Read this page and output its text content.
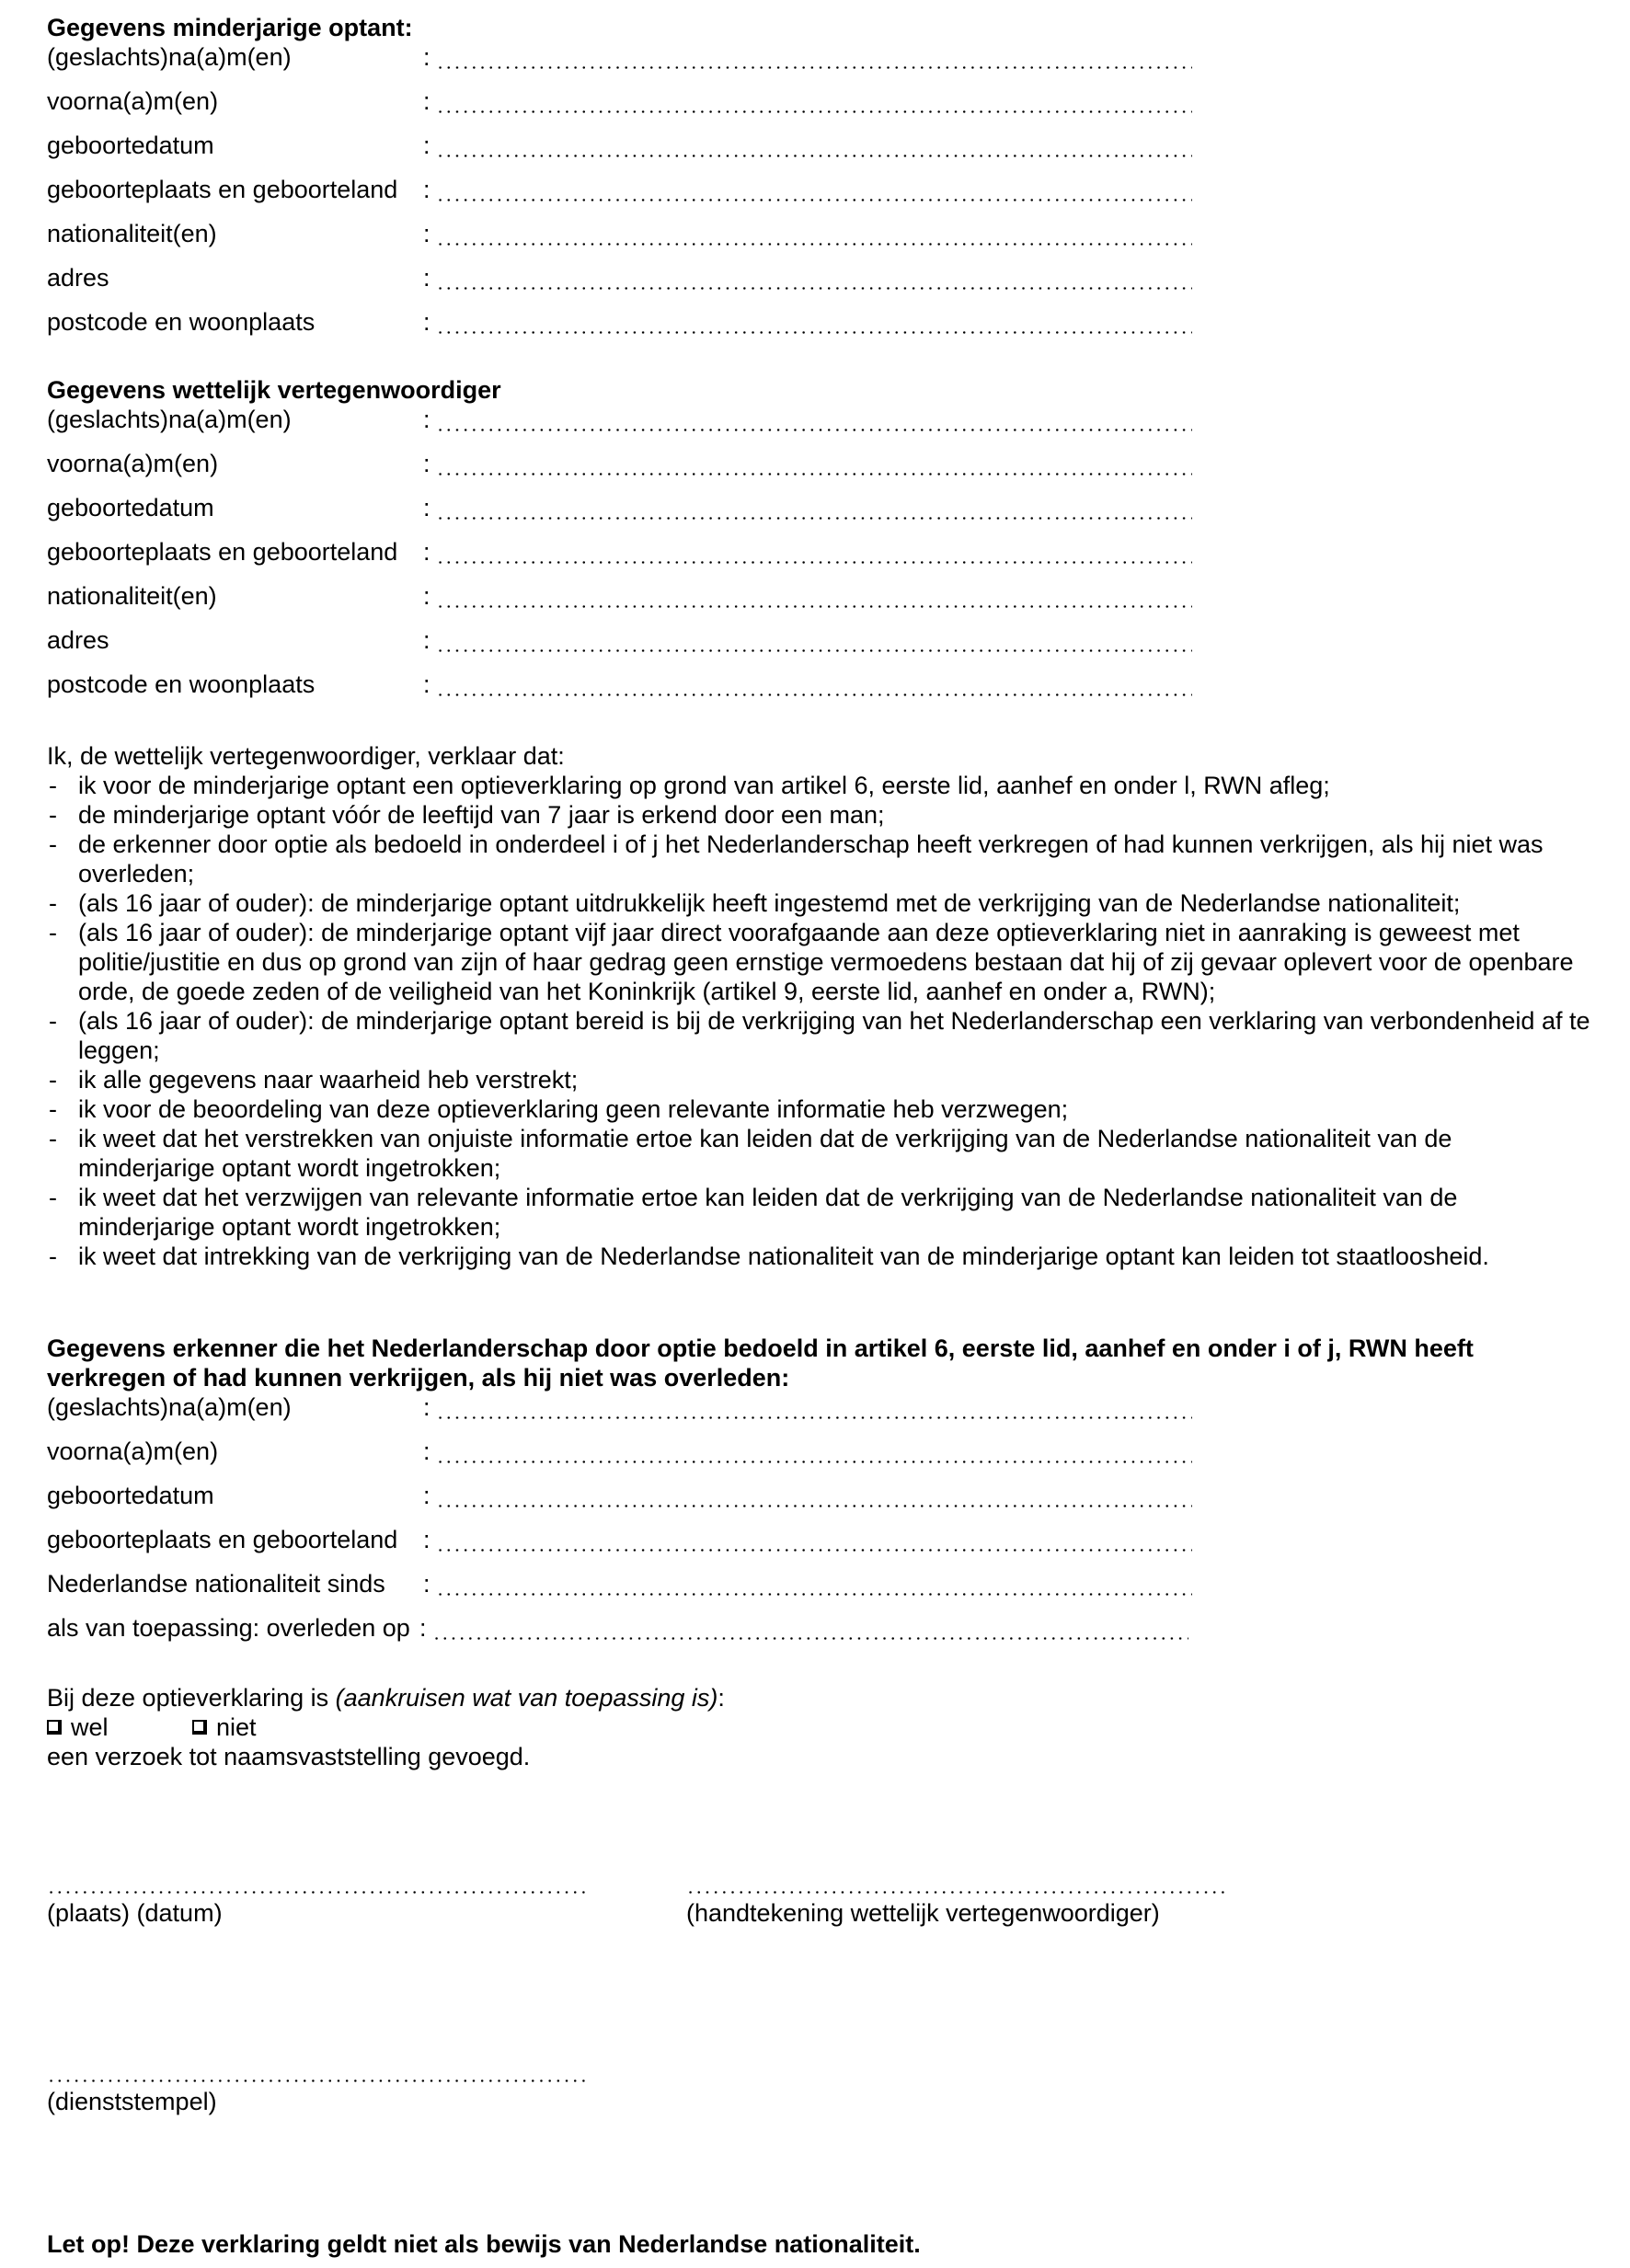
Gegevens minderjarige optant:

(geslachts)na(a)m(en)	:
voorna(a)m(en)	:
geboortedatum	:
geboorteplaats en geboorteland	:
nationaliteit(en)	:
adres	:
postcode en woonplaats	:

Gegevens wettelijk vertegenwoordiger

(geslachts)na(a)m(en)	:
voorna(a)m(en)	:
geboortedatum	:
geboorteplaats en geboorteland	:
nationaliteit(en)	:
adres	:
postcode en woonplaats	:

Ik, de wettelijk vertegenwoordiger, verklaar dat:

- ik voor de minderjarige optant een optieverklaring op grond van artikel 6, eerste lid, aanhef en onder l, RWN afleg;
- de minderjarige optant vóór de leeftijd van 7 jaar is erkend door een man;
- de erkenner door optie als bedoeld in onderdeel i of j het Nederlanderschap heeft verkregen of had kunnen verkrijgen, als hij niet was overleden;
- (als 16 jaar of ouder): de minderjarige optant uitdrukkelijk heeft ingestemd met de verkrijging van de Nederlandse nationaliteit;
- (als 16 jaar of ouder): de minderjarige optant vijf jaar direct voorafgaande aan deze optieverklaring niet in aanraking is geweest met politie/justitie en dus op grond van zijn of haar gedrag geen ernstige vermoedens bestaan dat hij of zij gevaar oplevert voor de openbare orde, de goede zeden of de veiligheid van het Koninkrijk (artikel 9, eerste lid, aanhef en onder a, RWN);
- (als 16 jaar of ouder): de minderjarige optant bereid is bij de verkrijging van het Nederlanderschap een verklaring van verbondenheid af te leggen;
- ik alle gegevens naar waarheid heb verstrekt;
- ik voor de beoordeling van deze optieverklaring geen relevante informatie heb verzwegen;
- ik weet dat het verstrekken van onjuiste informatie ertoe kan leiden dat de verkrijging van de Nederlandse nationaliteit van de minderjarige optant wordt ingetrokken;
- ik weet dat het verzwijgen van relevante informatie ertoe kan leiden dat de verkrijging van de Nederlandse nationaliteit van de minderjarige optant wordt ingetrokken;
- ik weet dat intrekking van de verkrijging van de Nederlandse nationaliteit van de minderjarige optant kan leiden tot staatloosheid.

Gegevens erkenner die het Nederlanderschap door optie bedoeld in artikel 6, eerste lid, aanhef en onder i of j, RWN heeft verkregen of had kunnen verkrijgen, als hij niet was overleden:

(geslachts)na(a)m(en)	:
voorna(a)m(en)	:
geboortedatum	:
geboorteplaats en geboorteland	:
Nederlandse nationaliteit sinds	:
als van toepassing: overleden op :

Bij deze optieverklaring is (aankruisen wat van toepassing is):

wel	niet

een verzoek tot naamsvaststelling gevoegd.

(plaats) (datum)	(handtekening wettelijk vertegenwoordiger)
(dienststempel)

Let op! Deze verklaring geldt niet als bewijs van Nederlandse nationaliteit.
